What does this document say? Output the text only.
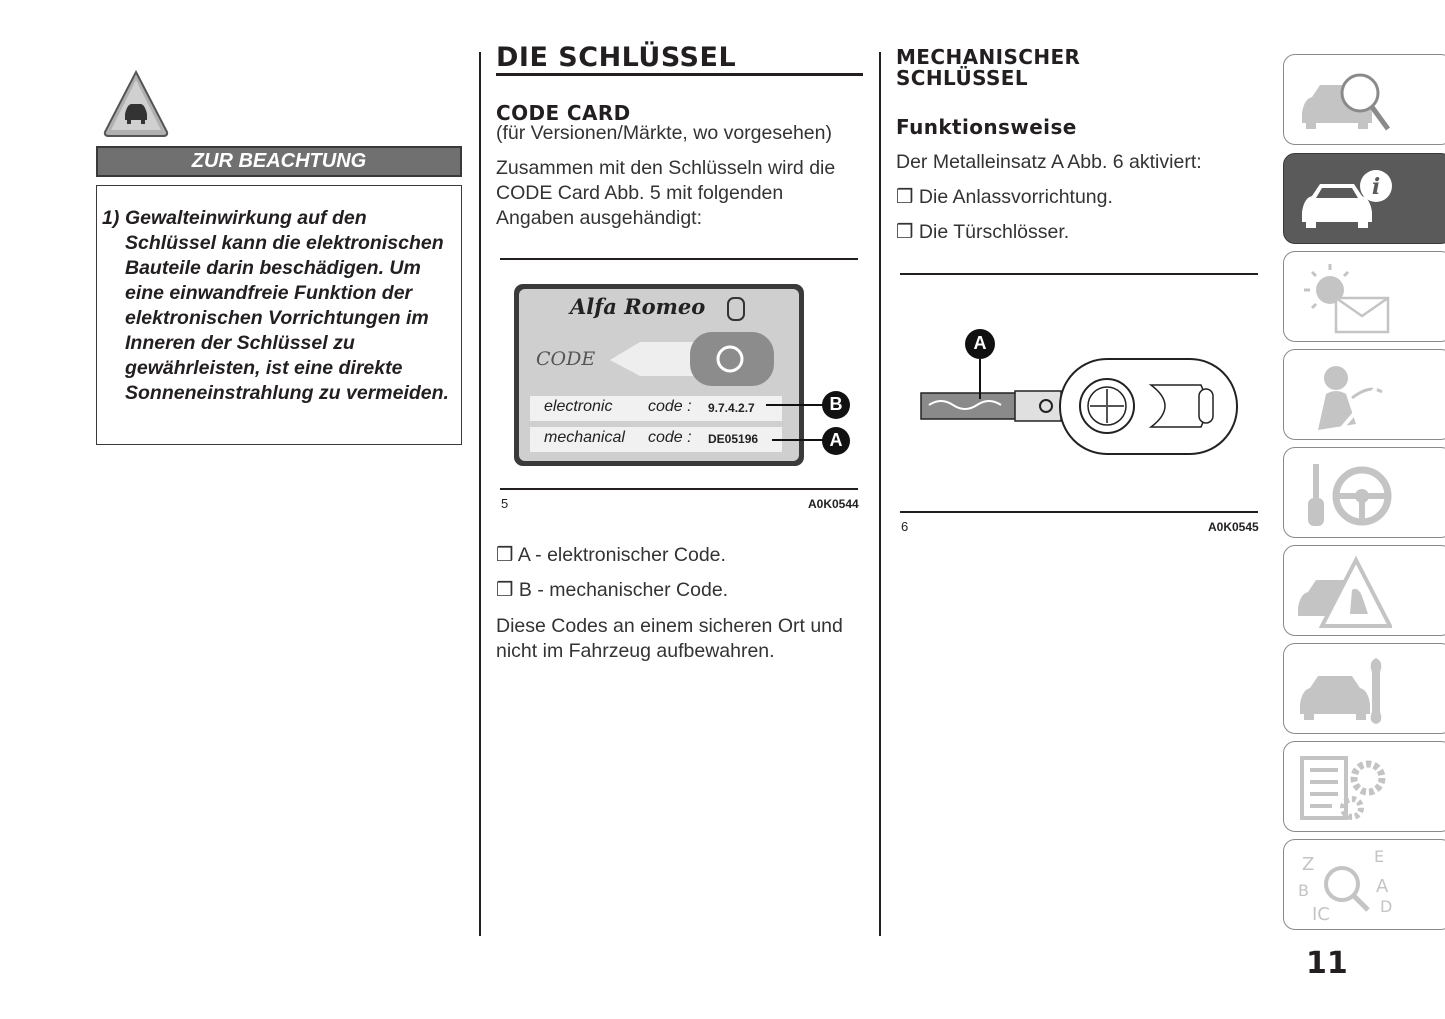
ZUR BEACHTUNG
1) Gewalteinwirkung auf den Schlüssel kann die elektronischen Bauteile darin beschädigen. Um eine einwandfreie Funktion der elektronischen Vorrichtungen im Inneren der Schlüssel zu gewährleisten, ist eine direkte Sonneneinstrahlung zu vermeiden.
DIE SCHLÜSSEL
CODE CARD
(für Versionen/Märkte, wo vorgesehen)
Zusammen mit den Schlüsseln wird die CODE Card Abb. 5 mit folgenden Angaben ausgehändigt:
Alfa Romeo
CODE
electronic code : 9.7.4.2.7
mechanical code : DE05196
B
A
5	A0K0544
❒ A - elektronischer Code.
❒ B - mechanischer Code.
Diese Codes an einem sicheren Ort und nicht im Fahrzeug aufbewahren.
MECHANISCHER
SCHLÜSSEL
Funktionsweise
Der Metalleinsatz A Abb. 6 aktiviert:
❒ Die Anlassvorrichtung.
❒ Die Türschlösser.
A
6	A0K0545
i
Z	E
B	A
IC	D
11
